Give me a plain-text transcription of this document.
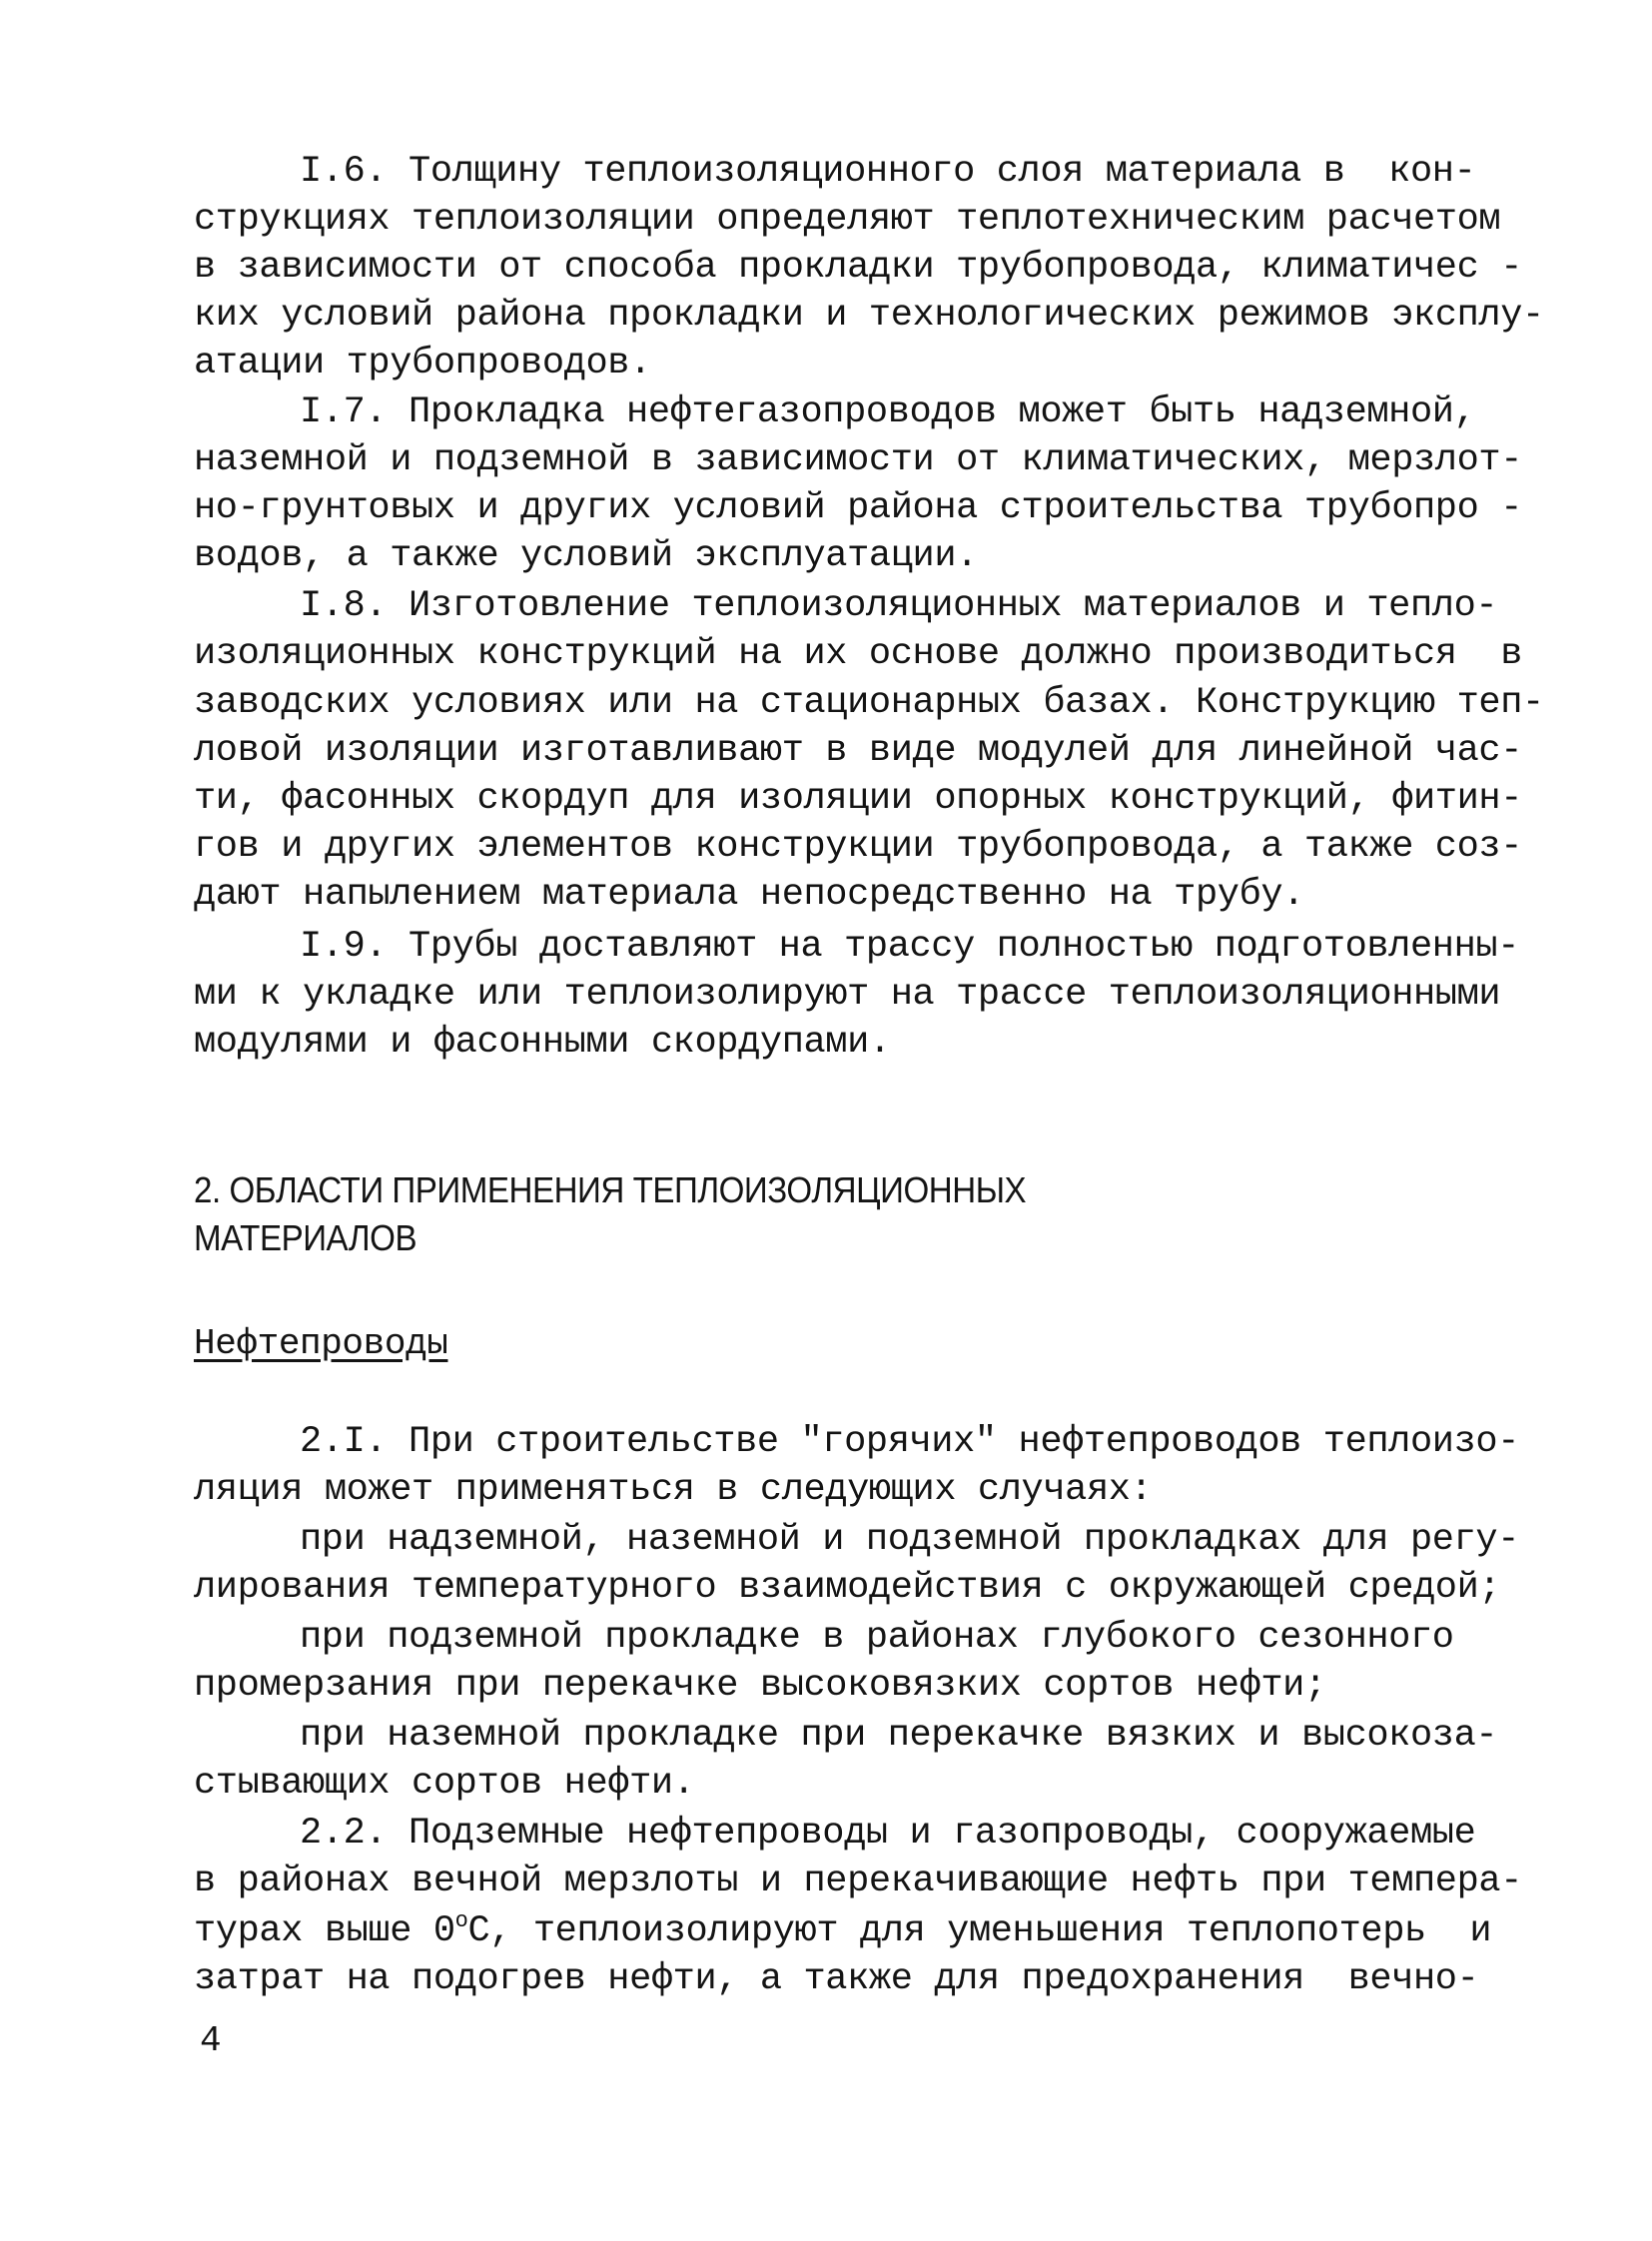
I.6. Толщину теплоизоляционного слоя материала в  кон-
струкциях теплоизоляции определяют теплотехническим расчетом
в зависимости от способа прокладки трубопровода, климатичес -
ких условий района прокладки и технологических режимов эксплу-
атации трубопроводов.
I.7. Прокладка нефтегазопроводов может быть надземной,
наземной и подземной в зависимости от климатических, мерзлот-
но-грунтовых и других условий района строительства трубопро -
водов, а также условий эксплуатации.
I.8. Изготовление теплоизоляционных материалов и тепло-
изоляционных конструкций на их основе должно производиться  в
заводских условиях или на стационарных базах. Конструкцию теп-
ловой изоляции изготавливают в виде модулей для линейной час-
ти, фасонных скордуп для изоляции опорных конструкций, фитин-
гов и других элементов конструкции трубопровода, а также соз-
дают напылением материала непосредственно на трубу.
I.9. Трубы доставляют на трассу полностью подготовленны-
ми к укладке или теплоизолируют на трассе теплоизоляционными
модулями и фасонными скордупами.
2. ОБЛАСТИ ПРИМЕНЕНИЯ ТЕПЛОИЗОЛЯЦИОННЫХ
МАТЕРИАЛОВ
Нефтепроводы
2.I. При строительстве "горячих" нефтепроводов теплоизо-
ляция может применяться в следующих случаях:
при надземной, наземной и подземной прокладках для регу-
лирования температурного взаимодействия с окружающей средой;
при подземной прокладке в районах глубокого сезонного
промерзания при перекачке высоковязких сортов нефти;
при наземной прокладке при перекачке вязких и высокоза-
стывающих сортов нефти.
2.2. Подземные нефтепроводы и газопроводы, сооружаемые
в районах вечной мерзлоты и перекачивающие нефть при темпера-
турах выше 0$^o$С, теплоизолируют для уменьшения теплопотерь  и
затрат на подогрев нефти, а также для предохранения  вечно-
4
